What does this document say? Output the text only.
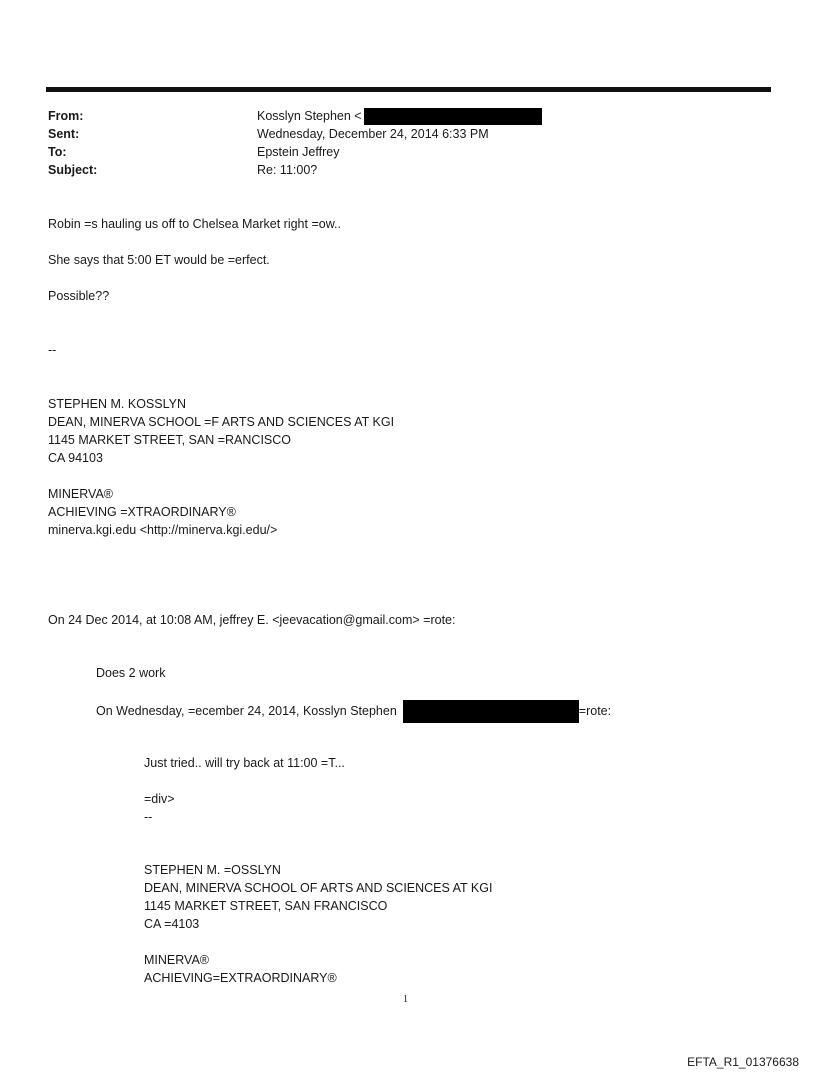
From:	Kosslyn Stephen <
Sent:	Wednesday, December 24, 2014 6:33 PM
To:	Epstein Jeffrey
Subject:	Re: 11:00?
Robin =s hauling us off to Chelsea Market right =ow..
She says that 5:00 ET would be =erfect.
Possible??
--
STEPHEN M. KOSSLYN
DEAN, MINERVA SCHOOL =F ARTS AND SCIENCES AT KGI
1145 MARKET STREET, SAN =RANCISCO
CA 94103
MINERVA®
ACHIEVING =XTRAORDINARY®
minerva.kgi.edu <http://minerva.kgi.edu/>
On 24 Dec 2014, at 10:08 AM, jeffrey E. <jeevacation@gmail.com> =rote:
Does 2 work
On Wednesday, =ecember 24, 2014, Kosslyn Stephen	=rote:
Just tried.. will try back at 11:00 =T...
=div>
--
STEPHEN M. =OSSLYN
DEAN, MINERVA SCHOOL OF ARTS AND SCIENCES AT KGI
1145 MARKET STREET, SAN FRANCISCO
CA =4103
MINERVA®
ACHIEVING=EXTRAORDINARY®
1
EFTA_R1_01376638
